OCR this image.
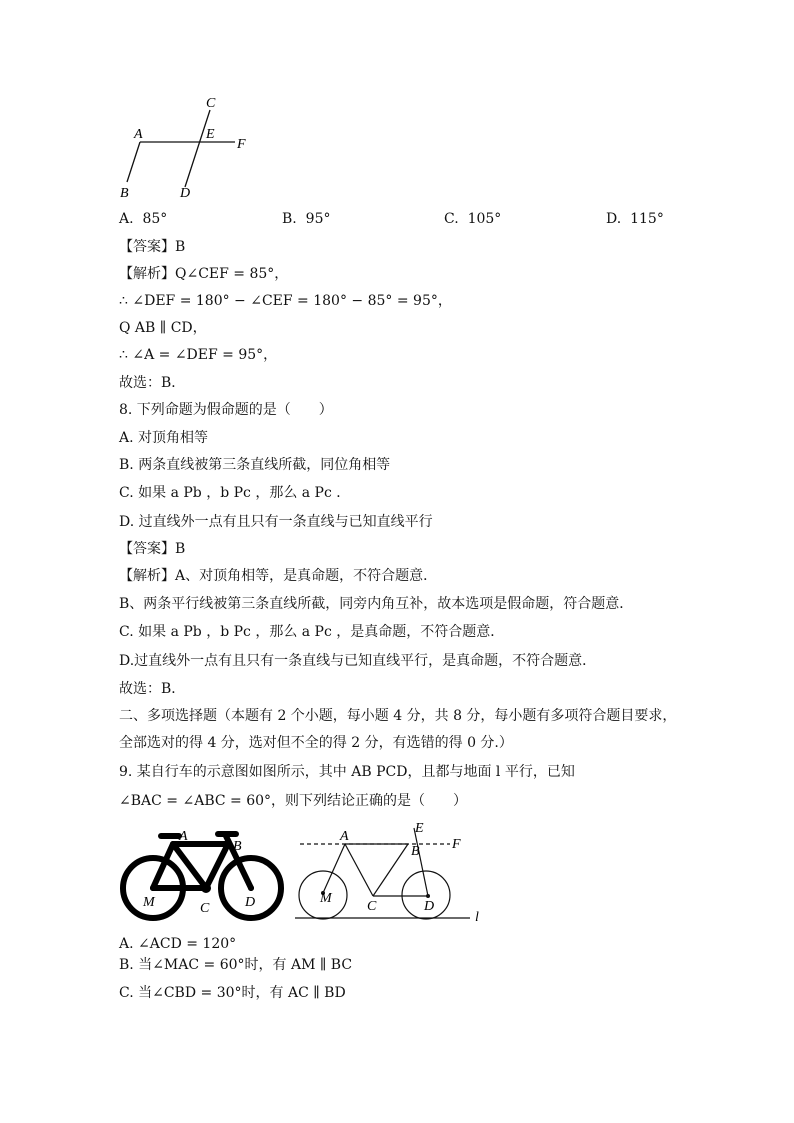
C
A	E
F
B	D
A. 85°	B. 95°	C. 105°	D. 115°
【答案】B
【解析】Q∠CEF = 85°，
∴ ∠DEF = 180° − ∠CEF = 180° − 85° = 95°，
Q AB ∥ CD，
∴ ∠A = ∠DEF = 95°，
故选：B．
8. 下列命题为假命题的是（　　）
A. 对顶角相等
B. 两条直线被第三条直线所截，同位角相等
C. 如果 a Pb ，b Pc ，那么 a Pc ．
D. 过直线外一点有且只有一条直线与已知直线平行
【答案】B
【解析】A、对顶角相等，是真命题，不符合题意．
B、两条平行线被第三条直线所截，同旁内角互补，故本选项是假命题，符合题意．
C. 如果 a Pb ，b Pc ，那么 a Pc ，是真命题，不符合题意．
D.过直线外一点有且只有一条直线与已知直线平行，是真命题，不符合题意．
故选：B．
二、多项选择题（本题有 2 个小题，每小题 4 分，共 8 分，每小题有多项符合题目要求，
全部选对的得 4 分，选对但不全的得 2 分，有选错的得 0 分.）
9. 某自行车的示意图如图所示，其中 AB PCD，且都与地面 l 平行，已知
∠BAC = ∠ABC = 60°，则下列结论正确的是（　　）
A
B
M	C	D
A
E
B F
M
C	D
l
A. ∠ACD = 120°
B. 当∠MAC = 60°时，有 AM ∥ BC
C. 当∠CBD = 30°时，有 AC ∥ BD
